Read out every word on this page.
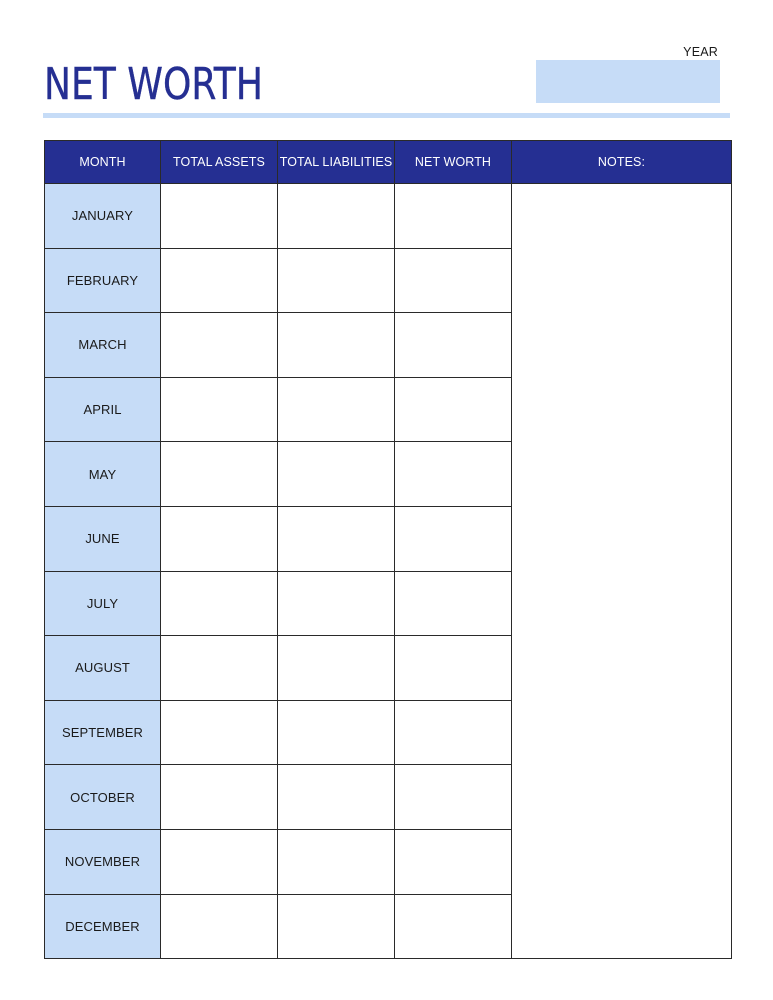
NET WORTH
YEAR
MONTH	TOTAL ASSETS	TOTAL LIABILITIES	NET WORTH	NOTES:
JANUARY				
FEBRUARY				
MARCH				
APRIL				
MAY				
JUNE				
JULY				
AUGUST				
SEPTEMBER				
OCTOBER				
NOVEMBER				
DECEMBER				
